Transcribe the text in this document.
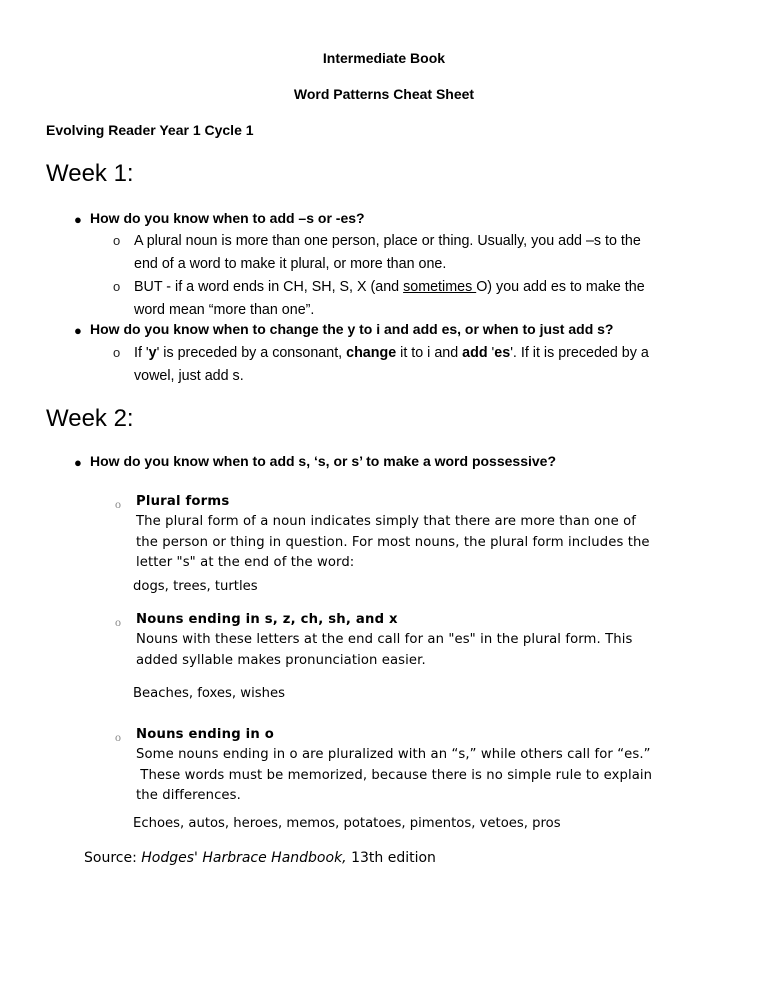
Intermediate Book
Word Patterns Cheat Sheet
Evolving Reader Year 1 Cycle 1
Week 1:
● How do you know when to add –s or -es?
o A plural noun is more than one person, place or thing. Usually, you add –s to the
end of a word to make it plural, or more than one.
o BUT - if a word ends in CH, SH, S, X (and sometimes O) you add es to make the
word mean “more than one”.
● How do you know when to change the y to i and add es, or when to just add s?
o If 'y' is preceded by a consonant, change it to i and add 'es'. If it is preceded by a
vowel, just add s.
Week 2:
● How do you know when to add s, ‘s, or s’ to make a word possessive?
o Plural forms
The plural form of a noun indicates simply that there are more than one of
the person or thing in question. For most nouns, the plural form includes the
letter "s" at the end of the word:
dogs, trees, turtles
o Nouns ending in s, z, ch, sh, and x
Nouns with these letters at the end call for an "es" in the plural form. This
added syllable makes pronunciation easier.
Beaches, foxes, wishes
o Nouns ending in o
Some nouns ending in o are pluralized with an “s,” while others call for “es.”
These words must be memorized, because there is no simple rule to explain
the differences.
Echoes, autos, heroes, memos, potatoes, pimentos, vetoes, pros
Source: Hodges' Harbrace Handbook, 13th edition
